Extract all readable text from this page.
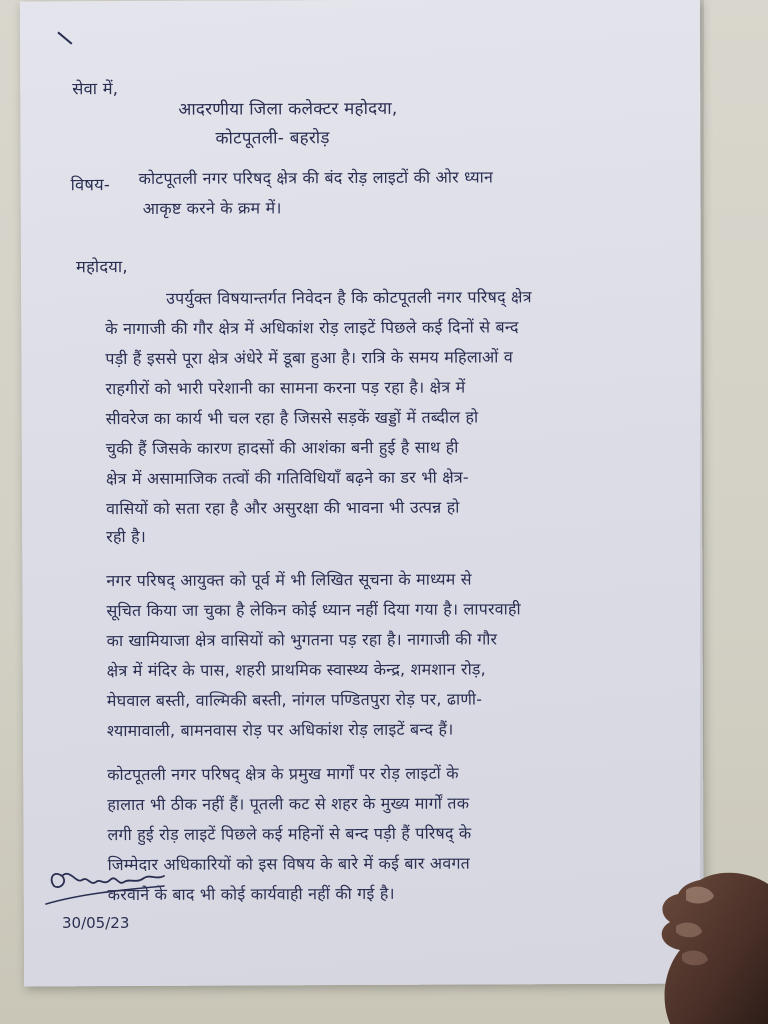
सेवा में,
आदरणीया जिला कलेक्टर महोदया,
कोटपूतली- बहरोड़
विषय- कोटपूतली नगर परिषद् क्षेत्र की बंद रोड़ लाइटों की ओर ध्यान
आकृष्ट करने के क्रम में।
महोदया,
उपर्युक्त विषयान्तर्गत निवेदन है कि कोटपूतली नगर परिषद् क्षेत्र
के नागाजी की गौर क्षेत्र में अधिकांश रोड़ लाइटें पिछले कई दिनों से बन्द
पड़ी हैं इससे पूरा क्षेत्र अंधेरे में डूबा हुआ है। रात्रि के समय महिलाओं व
राहगीरों को भारी परेशानी का सामना करना पड़ रहा है। क्षेत्र में
सीवरेज का कार्य भी चल रहा है जिससे सड़कें खड्डों में तब्दील हो
चुकी हैं जिसके कारण हादसों की आशंका बनी हुई है साथ ही
क्षेत्र में असामाजिक तत्वों की गतिविधियाँ बढ़ने का डर भी क्षेत्र-
वासियों को सता रहा है और असुरक्षा की भावना भी उत्पन्न हो
रही है।
नगर परिषद् आयुक्त को पूर्व में भी लिखित सूचना के माध्यम से
सूचित किया जा चुका है लेकिन कोई ध्यान नहीं दिया गया है। लापरवाही
का खामियाजा क्षेत्र वासियों को भुगतना पड़ रहा है। नागाजी की गौर
क्षेत्र में मंदिर के पास, शहरी प्राथमिक स्वास्थ्य केन्द्र, शमशान रोड़,
मेघवाल बस्ती, वाल्मिकी बस्ती, नांगल पण्डितपुरा रोड़ पर, ढाणी-
श्यामावाली, बामनवास रोड़ पर अधिकांश रोड़ लाइटें बन्द हैं।
कोटपूतली नगर परिषद् क्षेत्र के प्रमुख मार्गों पर रोड़ लाइटों के
हालात भी ठीक नहीं हैं। पूतली कट से शहर के मुख्य मार्गों तक
लगी हुई रोड़ लाइटें पिछले कई महिनों से बन्द पड़ी हैं परिषद् के
जिम्मेदार अधिकारियों को इस विषय के बारे में कई बार अवगत
करवाने के बाद भी कोई कार्यवाही नहीं की गई है।
Rajpal
30/05/23
